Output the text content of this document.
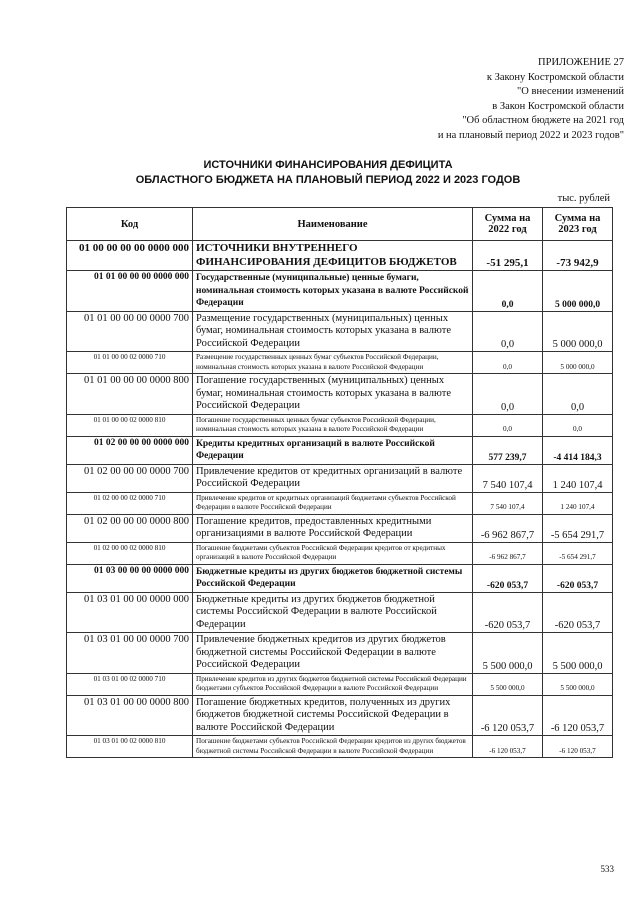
ПРИЛОЖЕНИЕ 27
к Закону Костромской области
"О внесении изменений
в Закон Костромской области
"Об областном бюджете на 2021 год
и на плановый период 2022 и 2023 годов"
ИСТОЧНИКИ ФИНАНСИРОВАНИЯ ДЕФИЦИТА
ОБЛАСТНОГО БЮДЖЕТА НА ПЛАНОВЫЙ ПЕРИОД 2022 И 2023 ГОДОВ
тыс. рублей
Код	Наименование	Сумма на 2022 год	Сумма на 2023 год
01 00 00 00 00 0000 000	ИСТОЧНИКИ ВНУТРЕННЕГО ФИНАНСИРОВАНИЯ ДЕФИЦИТОВ БЮДЖЕТОВ	-51 295,1	-73 942,9
01 01 00 00 00 0000 000	Государственные (муниципальные) ценные бумаги, номинальная стоимость которых указана в валюте Российской Федерации	0,0	5 000 000,0
01 01 00 00 00 0000 700	Размещение государственных (муниципальных) ценных бумаг, номинальная стоимость которых указана в валюте Российской Федерации	0,0	5 000 000,0
01 01 00 00 02 0000 710	Размещение государственных ценных бумаг субъектов Российской Федерации, номинальная стоимость которых указана в валюте Российской Федерации	0,0	5 000 000,0
01 01 00 00 00 0000 800	Погашение государственных (муниципальных) ценных бумаг, номинальная стоимость которых указана в валюте Российской Федерации	0,0	0,0
01 01 00 00 02 0000 810	Погашение государственных ценных бумаг субъектов Российской Федерации, номинальная стоимость которых указана в валюте Российской Федерации	0,0	0,0
01 02 00 00 00 0000 000	Кредиты кредитных организаций в валюте Российской Федерации	577 239,7	-4 414 184,3
01 02 00 00 00 0000 700	Привлечение кредитов от кредитных организаций в валюте Российской Федерации	7 540 107,4	1 240 107,4
01 02 00 00 02 0000 710	Привлечение кредитов от кредитных организаций бюджетами субъектов Российской Федерации в валюте Российской Федерации	7 540 107,4	1 240 107,4
01 02 00 00 00 0000 800	Погашение кредитов, предоставленных кредитными организациями в валюте Российской Федерации	-6 962 867,7	-5 654 291,7
01 02 00 00 02 0000 810	Погашение бюджетами субъектов Российской Федерации кредитов от кредитных организаций в валюте Российской Федерации	-6 962 867,7	-5 654 291,7
01 03 00 00 00 0000 000	Бюджетные кредиты из других бюджетов бюджетной системы Российской Федерации	-620 053,7	-620 053,7
01 03 01 00 00 0000 000	Бюджетные кредиты из других бюджетов бюджетной системы Российской Федерации в валюте Российской Федерации	-620 053,7	-620 053,7
01 03 01 00 00 0000 700	Привлечение бюджетных кредитов из других бюджетов бюджетной системы Российской Федерации в валюте Российской Федерации	5 500 000,0	5 500 000,0
01 03 01 00 02 0000 710	Привлечение кредитов из других бюджетов бюджетной системы Российской Федерации бюджетами субъектов Российской Федерации в валюте Российской Федерации	5 500 000,0	5 500 000,0
01 03 01 00 00 0000 800	Погашение бюджетных кредитов, полученных из других бюджетов бюджетной системы Российской Федерации в валюте Российской Федерации	-6 120 053,7	-6 120 053,7
01 03 01 00 02 0000 810	Погашение бюджетами субъектов Российской Федерации кредитов из других бюджетов бюджетной системы Российской Федерации в валюте Российской Федерации	-6 120 053,7	-6 120 053,7
533
